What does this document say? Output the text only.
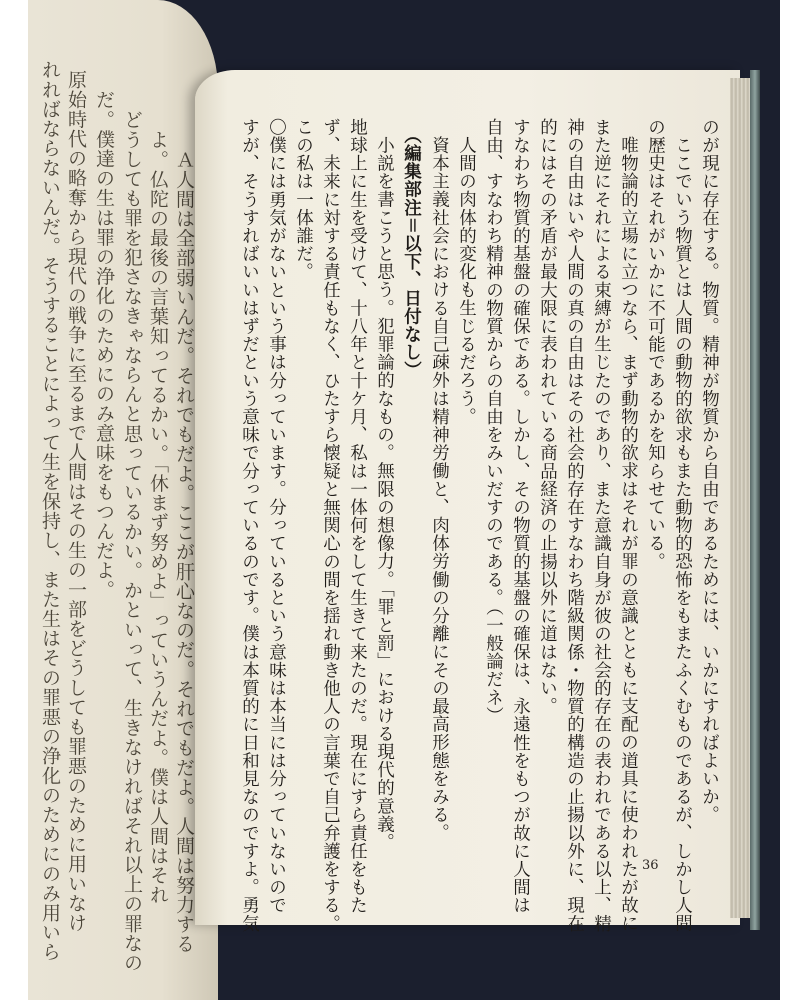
れればならないんだ。そうすることによって生を保持し、また生はその罪悪の浄化のためにのみ用いら 原始時代の略奪から現代の戦争に至るまで人間はその生の一部をどうしても罪悪のために用いなけ だ。僕達の生は罪の浄化のためにのみ意味をもつんだよ。 どうしても罪を犯さなきゃならんと思っているかい。かといって、生きなければそれ以上の罪なの よ。仏陀の最後の言葉知ってるかい。「休まず努めよ」っていうんだよ。僕は人間はそれ Ａ人間は全部弱いんだ。それでもだよ。ここが肝心なのだ。それでもだよ。人間は努力する	のが現に存在する。物質。精神が物質から自由であるためには、いかにすればよいか。
ここでいう物質とは人間の動物的欲求もまた動物的恐怖をもまたふくむものであるが、しかし人間
の歴史はそれがいかに不可能であるかを知らせている。
唯物論的立場に立つなら、まず動物的欲求はそれが罪の意識とともに支配の道具に使われたが故に
また逆にそれによる束縛が生じたのであり、また意識自身が彼の社会的存在の表われである以上、精
神の自由はいや人間の真の自由はその社会的存在すなわち階級関係・物質的構造の止揚以外に、現在
的にはその矛盾が最大限に表われている商品経済の止揚以外に道はない。
すなわち物質的基盤の確保である。しかし、その物質的基盤の確保は、永遠性をもつが故に人間は
自由、すなわち精神の物質からの自由をみいだすのである。（一般論だネ）
人間の肉体的変化も生じるだろう。
資本主義社会における自己疎外は精神労働と、肉体労働の分離にその最高形態をみる。
（編集部注＝以下、日付なし）
小説を書こうと思う。犯罪論的なもの。無限の想像力。「罪と罰」における現代的意義。
地球上に生を受けて、十八年と十ケ月、私は一体何をして生きて来たのだ。現在にすら責任をもた
ず、未来に対する責任もなく、ひたすら懐疑と無関心の間を揺れ動き他人の言葉で自己弁護をする。
この私は一体誰だ。
〇僕には勇気がないという事は分っています。分っているという意味は本当には分っていないので
すが、そうすればいいはずだという意味で分っているのです。僕は本質的に日和見なのですよ。勇気	36
